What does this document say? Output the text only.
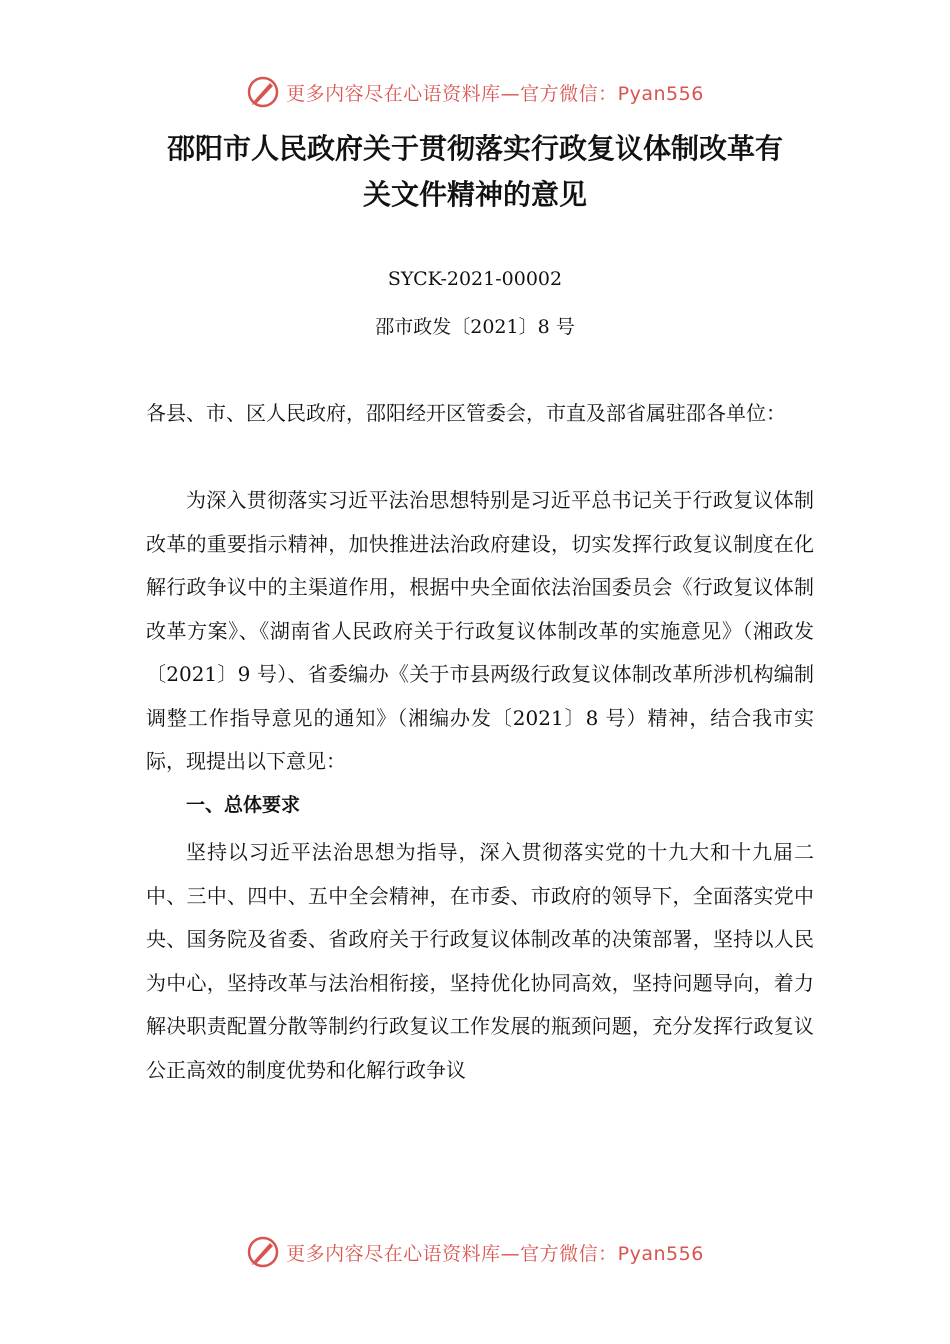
更多内容尽在心语资料库—官方微信：Pyan556
邵阳市人民政府关于贯彻落实行政复议体制改革有
关文件精神的意见
SYCK-2021-00002
邵市政发〔2021〕8 号

各县、市、区人民政府，邵阳经开区管委会，市直及部省属驻邵各单位：

为深入贯彻落实习近平法治思想特别是习近平总书记关于行政复议体制改革的重要指示精神，加快推进法治政府建设，切实发挥行政复议制度在化解行政争议中的主渠道作用，根据中央全面依法治国委员会《行政复议体制改革方案》、《湖南省人民政府关于行政复议体制改革的实施意见》（湘政发〔2021〕9 号）、省委编办《关于市县两级行政复议体制改革所涉机构编制调整工作指导意见的通知》（湘编办发〔2021〕8 号）精神，结合我市实际，现提出以下意见：

一、总体要求

坚持以习近平法治思想为指导，深入贯彻落实党的十九大和十九届二中、三中、四中、五中全会精神，在市委、市政府的领导下，全面落实党中央、国务院及省委、省政府关于行政复议体制改革的决策部署，坚持以人民为中心，坚持改革与法治相衔接，坚持优化协同高效，坚持问题导向，着力解决职责配置分散等制约行政复议工作发展的瓶颈问题，充分发挥行政复议公正高效的制度优势和化解行政争议

更多内容尽在心语资料库—官方微信：Pyan556
